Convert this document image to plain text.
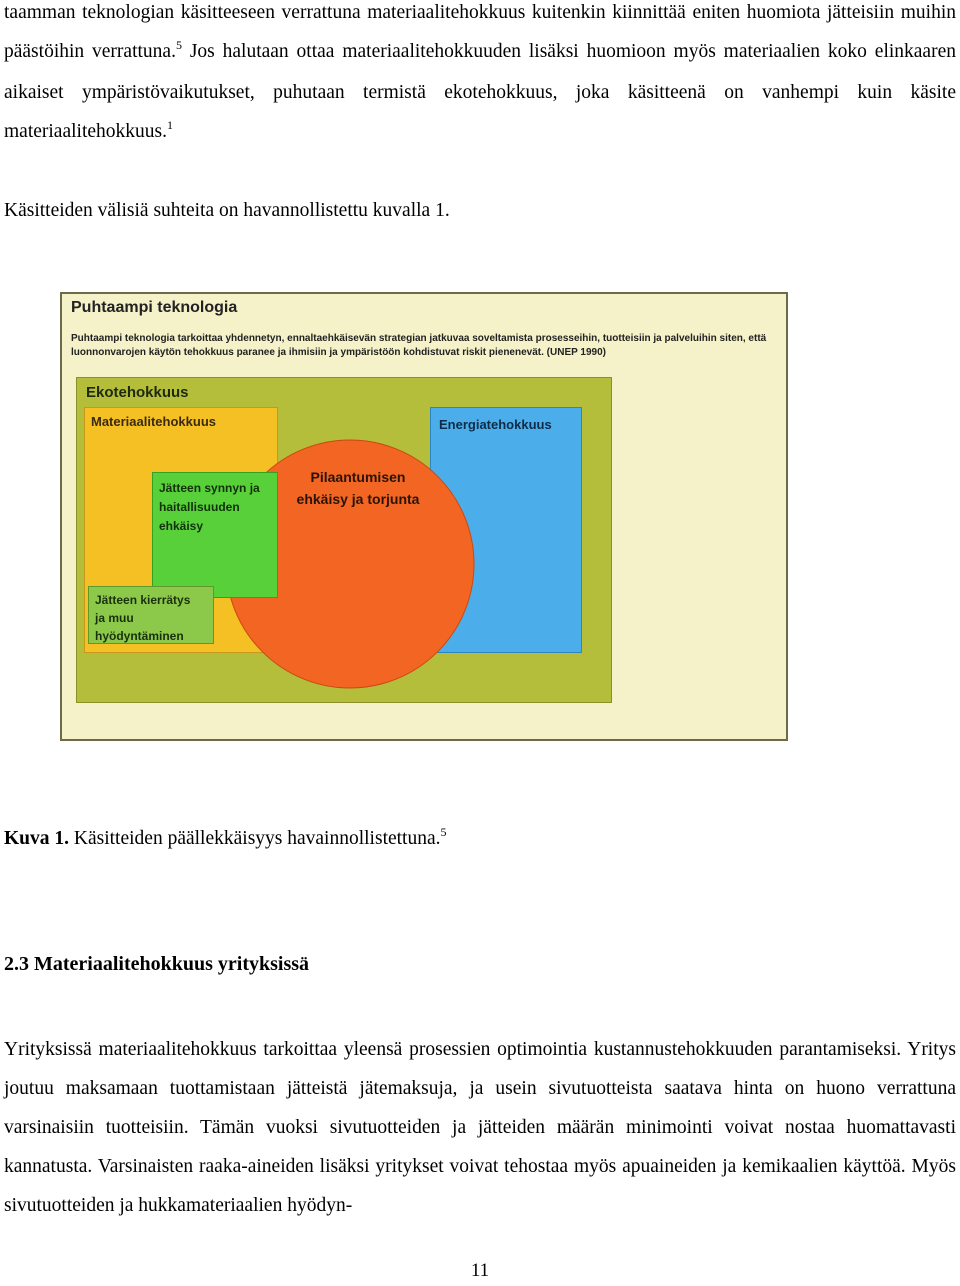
taamman teknologian käsitteeseen verrattuna materiaalitehokkuus kuitenkin kiinnittää eniten huomiota jätteisiin muihin päästöihin verrattuna.$^5$ Jos halutaan ottaa materiaalitehokkuuden lisäksi huomioon myös materiaalien koko elinkaaren aikaiset ympäristövaikutukset, puhutaan termistä ekotehokkuus, joka käsitteenä on vanhempi kuin käsite materiaalitehokkuus.$^1$

Käsitteiden välisiä suhteita on havannollistettu kuvalla 1.

Puhtaampi teknologia
Puhtaampi teknologia tarkoittaa yhdennetyn, ennaltaehkäisevän strategian jatkuvaa soveltamista prosesseihin, tuotteisiin ja palveluihin siten, että luonnonvarojen käytön tehokkuus paranee ja ihmisiin ja ympäristöön kohdistuvat riskit pienenevät. (UNEP 1990)
Ekotehokkuus
Materiaalitehokkuus	Energiatehokkuus
Pilaantumisen
ehkäisy ja torjunta
Jätteen synnyn ja
haitallisuuden
ehkäisy
Jätteen kierrätys
ja muu
hyödyntäminen
Kuva 1. Käsitteiden päällekkäisyys havainnollistettuna.$^5$
2.3 Materiaalitehokkuus yrityksissä

Yrityksissä materiaalitehokkuus tarkoittaa yleensä prosessien optimointia kustannustehokkuuden parantamiseksi. Yritys joutuu maksamaan tuottamistaan jätteistä jätemaksuja, ja usein sivutuotteista saatava hinta on huono verrattuna varsinaisiin tuotteisiin. Tämän vuoksi sivutuotteiden ja jätteiden määrän minimointi voivat nostaa huomattavasti kannatusta. Varsinaisten raaka-aineiden lisäksi yritykset voivat tehostaa myös apuaineiden ja kemikaalien käyttöä. Myös sivutuotteiden ja hukkamateriaalien hyödyn-

11
